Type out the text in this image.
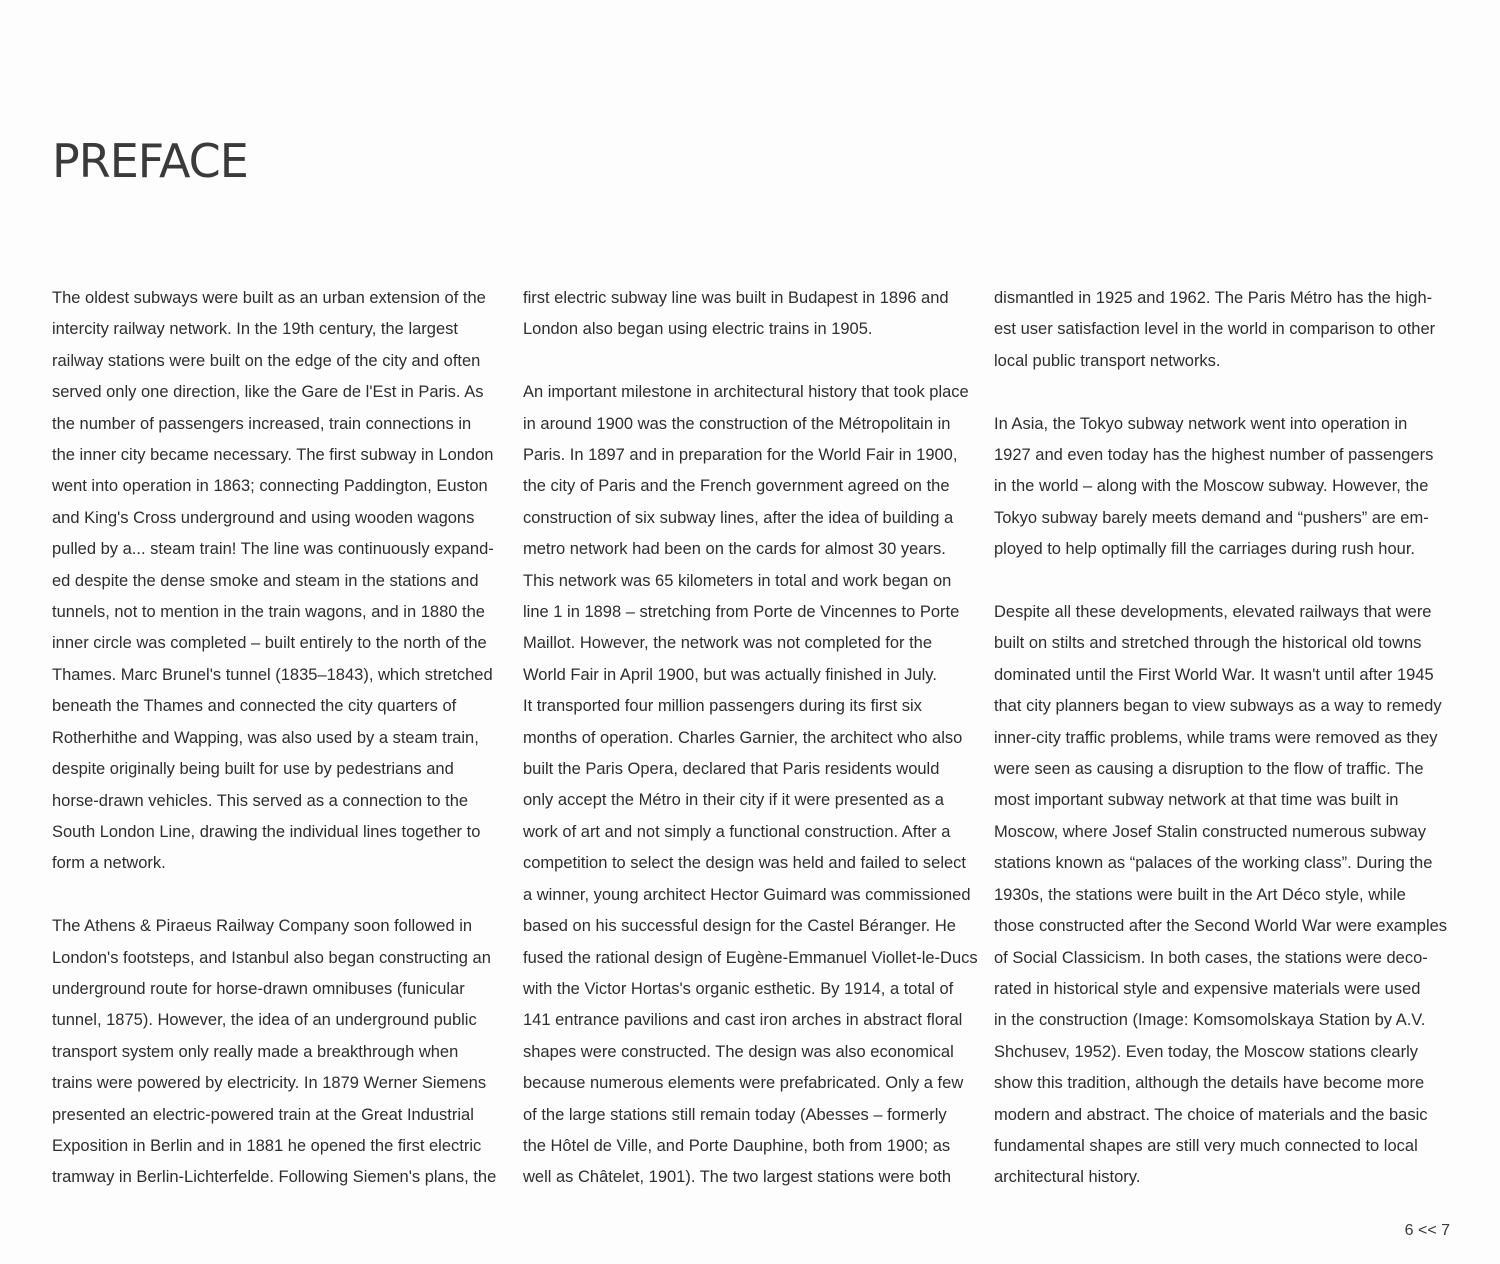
PREFACE

The oldest subways were built as an urban extension of the
intercity railway network. In the 19th century, the largest
railway stations were built on the edge of the city and often
served only one direction, like the Gare de l'Est in Paris. As
the number of passengers increased, train connections in
the inner city became necessary. The first subway in London
went into operation in 1863; connecting Paddington, Euston
and King's Cross underground and using wooden wagons
pulled by a... steam train! The line was continuously expand-
ed despite the dense smoke and steam in the stations and
tunnels, not to mention in the train wagons, and in 1880 the
inner circle was completed – built entirely to the north of the
Thames. Marc Brunel's tunnel (1835–1843), which stretched
beneath the Thames and connected the city quarters of
Rotherhithe and Wapping, was also used by a steam train,
despite originally being built for use by pedestrians and
horse-drawn vehicles. This served as a connection to the
South London Line, drawing the individual lines together to
form a network.

The Athens & Piraeus Railway Company soon followed in
London's footsteps, and Istanbul also began constructing an
underground route for horse-drawn omnibuses (funicular
tunnel, 1875). However, the idea of an underground public
transport system only really made a breakthrough when
trains were powered by electricity. In 1879 Werner Siemens
presented an electric-powered train at the Great Industrial
Exposition in Berlin and in 1881 he opened the first electric
tramway in Berlin-Lichterfelde. Following Siemen's plans, the

first electric subway line was built in Budapest in 1896 and
London also began using electric trains in 1905.

An important milestone in architectural history that took place
in around 1900 was the construction of the Métropolitain in
Paris. In 1897 and in preparation for the World Fair in 1900,
the city of Paris and the French government agreed on the
construction of six subway lines, after the idea of building a
metro network had been on the cards for almost 30 years.
This network was 65 kilometers in total and work began on
line 1 in 1898 – stretching from Porte de Vincennes to Porte
Maillot. However, the network was not completed for the
World Fair in April 1900, but was actually finished in July.
It transported four million passengers during its first six
months of operation. Charles Garnier, the architect who also
built the Paris Opera, declared that Paris residents would
only accept the Métro in their city if it were presented as a
work of art and not simply a functional construction. After a
competition to select the design was held and failed to select
a winner, young architect Hector Guimard was commissioned
based on his successful design for the Castel Béranger. He
fused the rational design of Eugène-Emmanuel Viollet-le-Ducs
with the Victor Hortas's organic esthetic. By 1914, a total of
141 entrance pavilions and cast iron arches in abstract floral
shapes were constructed. The design was also economical
because numerous elements were prefabricated. Only a few
of the large stations still remain today (Abesses – formerly
the Hôtel de Ville, and Porte Dauphine, both from 1900; as
well as Châtelet, 1901). The two largest stations were both

dismantled in 1925 and 1962. The Paris Métro has the high-
est user satisfaction level in the world in comparison to other
local public transport networks.

In Asia, the Tokyo subway network went into operation in
1927 and even today has the highest number of passengers
in the world – along with the Moscow subway. However, the
Tokyo subway barely meets demand and “pushers” are em-
ployed to help optimally fill the carriages during rush hour.

Despite all these developments, elevated railways that were
built on stilts and stretched through the historical old towns
dominated until the First World War. It wasn't until after 1945
that city planners began to view subways as a way to remedy
inner-city traffic problems, while trams were removed as they
were seen as causing a disruption to the flow of traffic. The
most important subway network at that time was built in
Moscow, where Josef Stalin constructed numerous subway
stations known as “palaces of the working class”. During the
1930s, the stations were built in the Art Déco style, while
those constructed after the Second World War were examples
of Social Classicism. In both cases, the stations were deco-
rated in historical style and expensive materials were used
in the construction (Image: Komsomolskaya Station by A.V.
Shchusev, 1952). Even today, the Moscow stations clearly
show this tradition, although the details have become more
modern and abstract. The choice of materials and the basic
fundamental shapes are still very much connected to local
architectural history.

6 << 7
